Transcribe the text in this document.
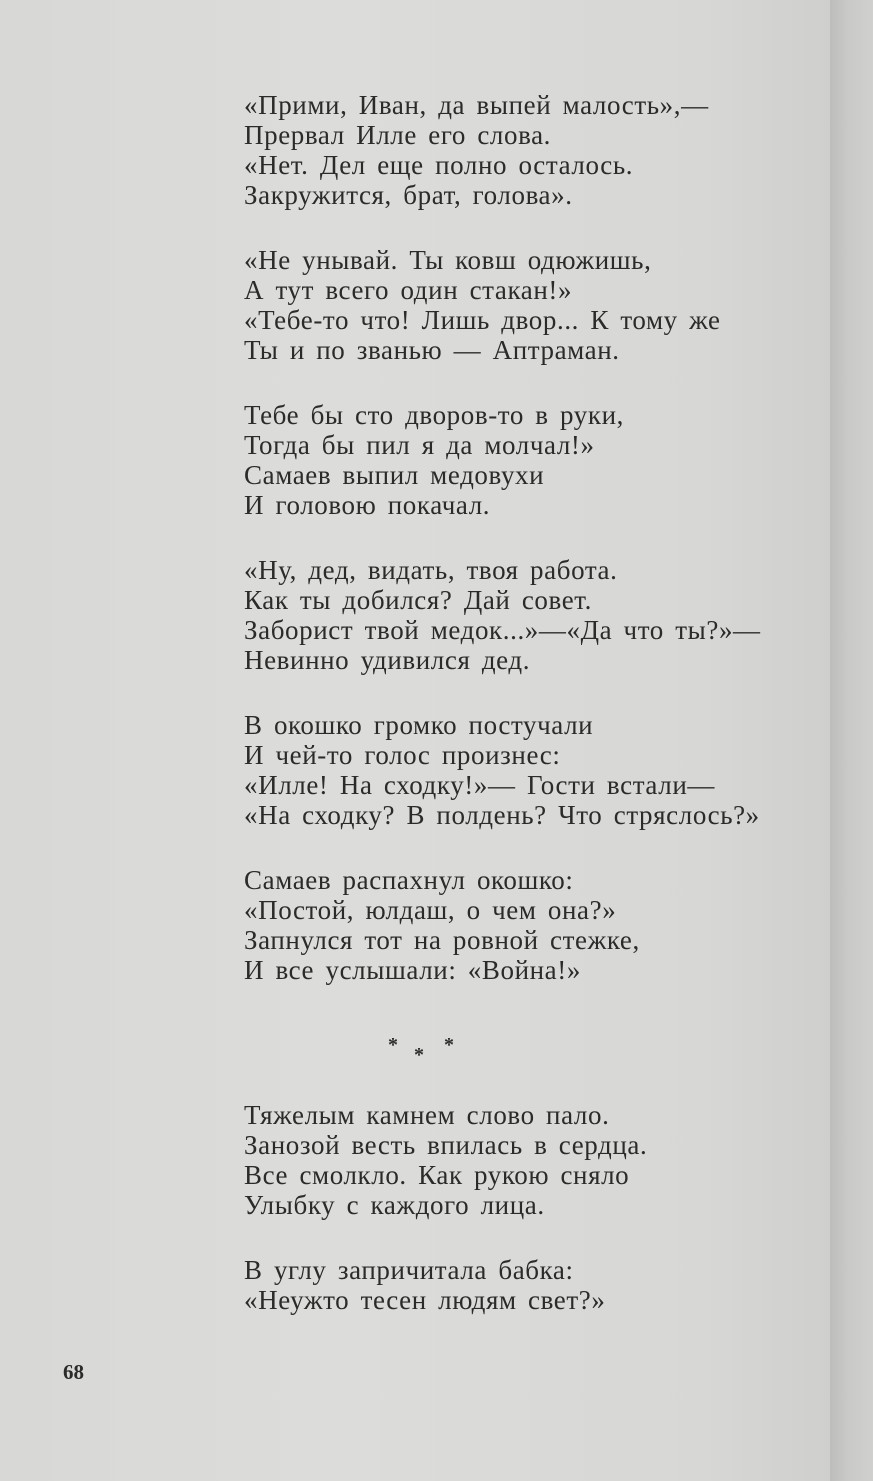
«Прими, Иван, да выпей малость»,—
Прервал Илле его слова.
«Нет. Дел еще полно осталось.
Закружится, брат, голова».
«Не унывай. Ты ковш одюжишь,
А тут всего один стакан!»
«Тебе-то что! Лишь двор... К тому же
Ты и по званью — Аптраман.
Тебе бы сто дворов-то в руки,
Тогда бы пил я да молчал!»
Самаев выпил медовухи
И головою покачал.
«Ну, дед, видать, твоя работа.
Как ты добился? Дай совет.
Заборист твой медок...»—«Да что ты?»—
Невинно удивился дед.
В окошко громко постучали
И чей-то голос произнес:
«Илле! На сходку!»— Гости встали—
«На сходку? В полдень? Что стряслось?»
Самаев распахнул окошко:
«Постой, юлдаш, о чем она?»
Запнулся тот на ровной стежке,
И все услышали: «Война!»
* * *
Тяжелым камнем слово пало.
Занозой весть впилась в сердца.
Все смолкло. Как рукою сняло
Улыбку с каждого лица.
В углу запричитала бабка:
«Неужто тесен людям свет?»
68
